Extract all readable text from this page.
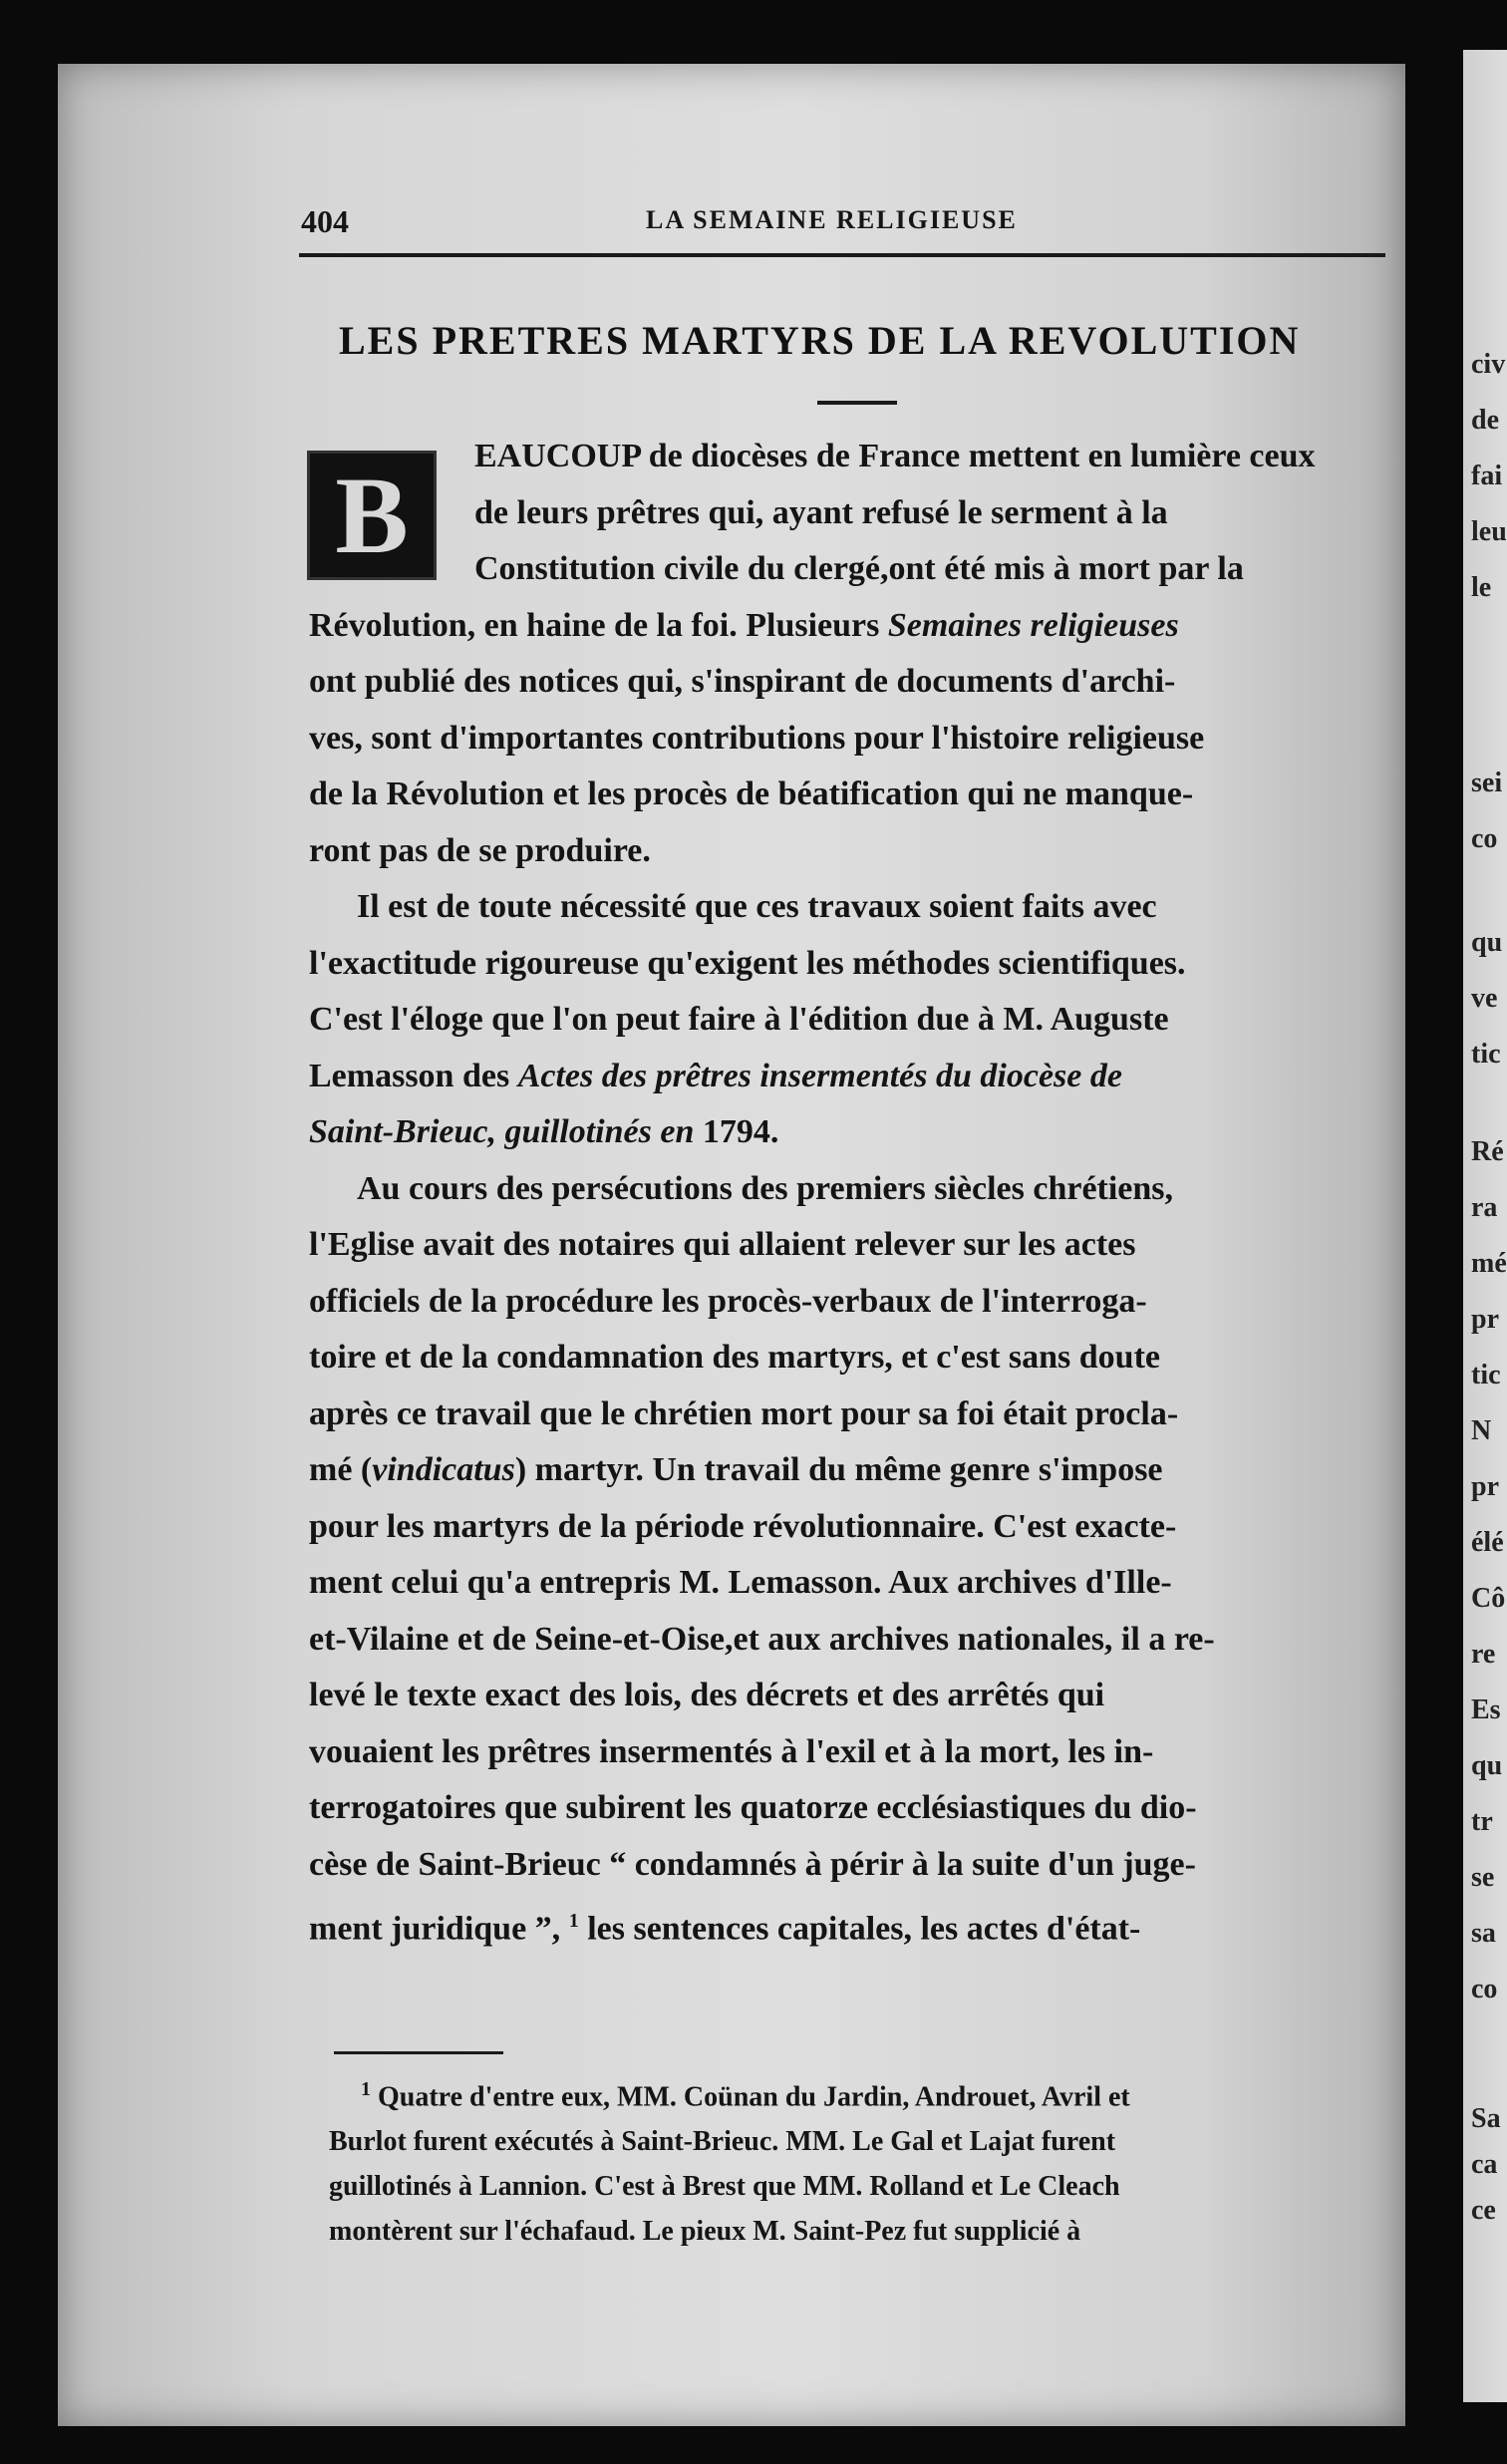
civ
de
fai
leu
le
sei
co
qu
ve
tic
Ré
ra
mé
pr
tic
N
pr
élé
Cô
re
Es
qu
tr
se
sa
co
Sa
ca
ce
404	LA SEMAINE RELIGIEUSE
LES PRETRES MARTYRS DE LA REVOLUTION
B	EAUCOUP de diocèses de France mettent en lumière ceux
de leurs prêtres qui, ayant refusé le serment à la
Constitution civile du clergé,ont été mis à mort par la
Révolution, en haine de la foi. Plusieurs Semaines religieuses
ont publié des notices qui, s'inspirant de documents d'archi-
ves, sont d'importantes contributions pour l'histoire religieuse
de la Révolution et les procès de béatification qui ne manque-
ront pas de se produire.
Il est de toute nécessité que ces travaux soient faits avec
l'exactitude rigoureuse qu'exigent les méthodes scientifiques.
C'est l'éloge que l'on peut faire à l'édition due à M. Auguste
Lemasson des Actes des prêtres insermentés du diocèse de
Saint-Brieuc, guillotinés en 1794.
Au cours des persécutions des premiers siècles chrétiens,
l'Eglise avait des notaires qui allaient relever sur les actes
officiels de la procédure les procès-verbaux de l'interroga-
toire et de la condamnation des martyrs, et c'est sans doute
après ce travail que le chrétien mort pour sa foi était procla-
mé (vindicatus) martyr. Un travail du même genre s'impose
pour les martyrs de la période révolutionnaire. C'est exacte-
ment celui qu'a entrepris M. Lemasson. Aux archives d'Ille-
et-Vilaine et de Seine-et-Oise,et aux archives nationales, il a re-
levé le texte exact des lois, des décrets et des arrêtés qui
vouaient les prêtres insermentés à l'exil et à la mort, les in-
terrogatoires que subirent les quatorze ecclésiastiques du dio-
cèse de Saint-Brieuc “ condamnés à périr à la suite d'un juge-
ment juridique ”, $^1$ les sentences capitales, les actes d'état-
$^1$ Quatre d'entre eux, MM. Coünan du Jardin, Androuet, Avril et
Burlot furent exécutés à Saint-Brieuc. MM. Le Gal et Lajat furent
guillotinés à Lannion. C'est à Brest que MM. Rolland et Le Cleach
montèrent sur l'échafaud. Le pieux M. Saint-Pez fut supplicié à
